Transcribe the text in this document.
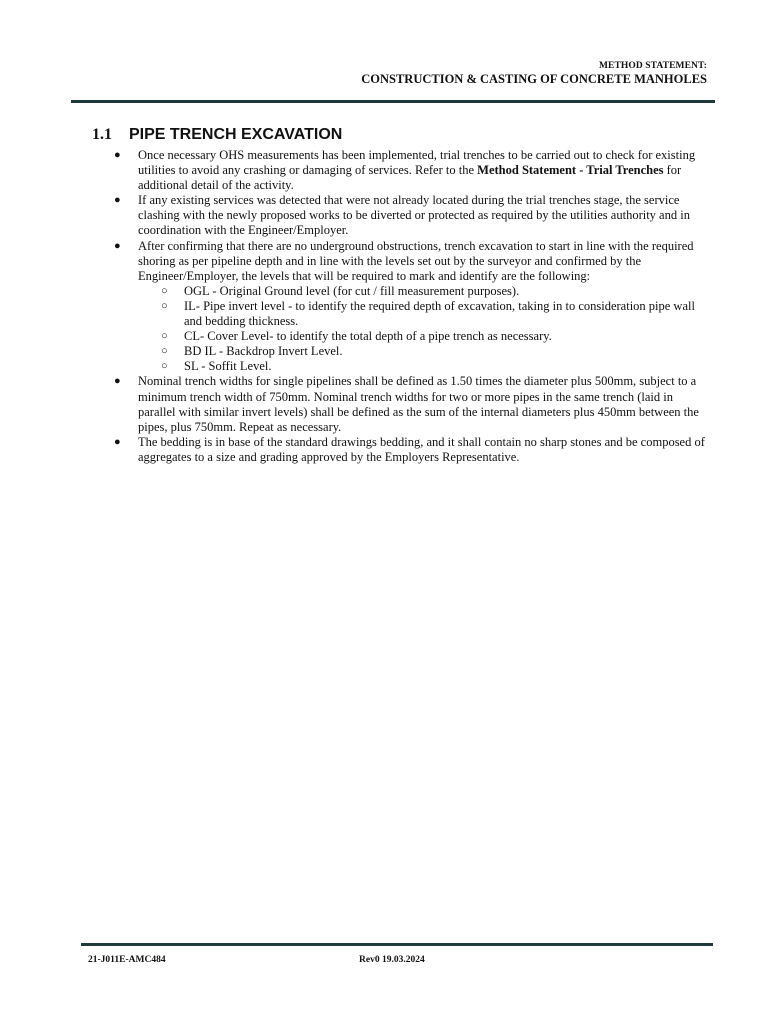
METHOD STATEMENT:
CONSTRUCTION & CASTING OF CONCRETE MANHOLES
1.1 PIPE TRENCH EXCAVATION
● Once necessary OHS measurements has been implemented, trial trenches to be carried out to check for existing utilities to avoid any crashing or damaging of services. Refer to the Method Statement - Trial Trenches for additional detail of the activity.
● If any existing services was detected that were not already located during the trial trenches stage, the service clashing with the newly proposed works to be diverted or protected as required by the utilities authority and in coordination with the Engineer/Employer.
● After confirming that there are no underground obstructions, trench excavation to start in line with the required shoring as per pipeline depth and in line with the levels set out by the surveyor and confirmed by the Engineer/Employer, the levels that will be required to mark and identify are the following:
○ OGL - Original Ground level (for cut / fill measurement purposes).
○ IL- Pipe invert level - to identify the required depth of excavation, taking in to consideration pipe wall and bedding thickness.
○ CL- Cover Level- to identify the total depth of a pipe trench as necessary.
○ BD IL - Backdrop Invert Level.
○ SL - Soffit Level.
● Nominal trench widths for single pipelines shall be defined as 1.50 times the diameter plus 500mm, subject to a minimum trench width of 750mm. Nominal trench widths for two or more pipes in the same trench (laid in parallel with similar invert levels) shall be defined as the sum of the internal diameters plus 450mm between the pipes, plus 750mm. Repeat as necessary.
● The bedding is in base of the standard drawings bedding, and it shall contain no sharp stones and be composed of aggregates to a size and grading approved by the Employers Representative.
21-J011E-AMC484	Rev0 19.03.2024
